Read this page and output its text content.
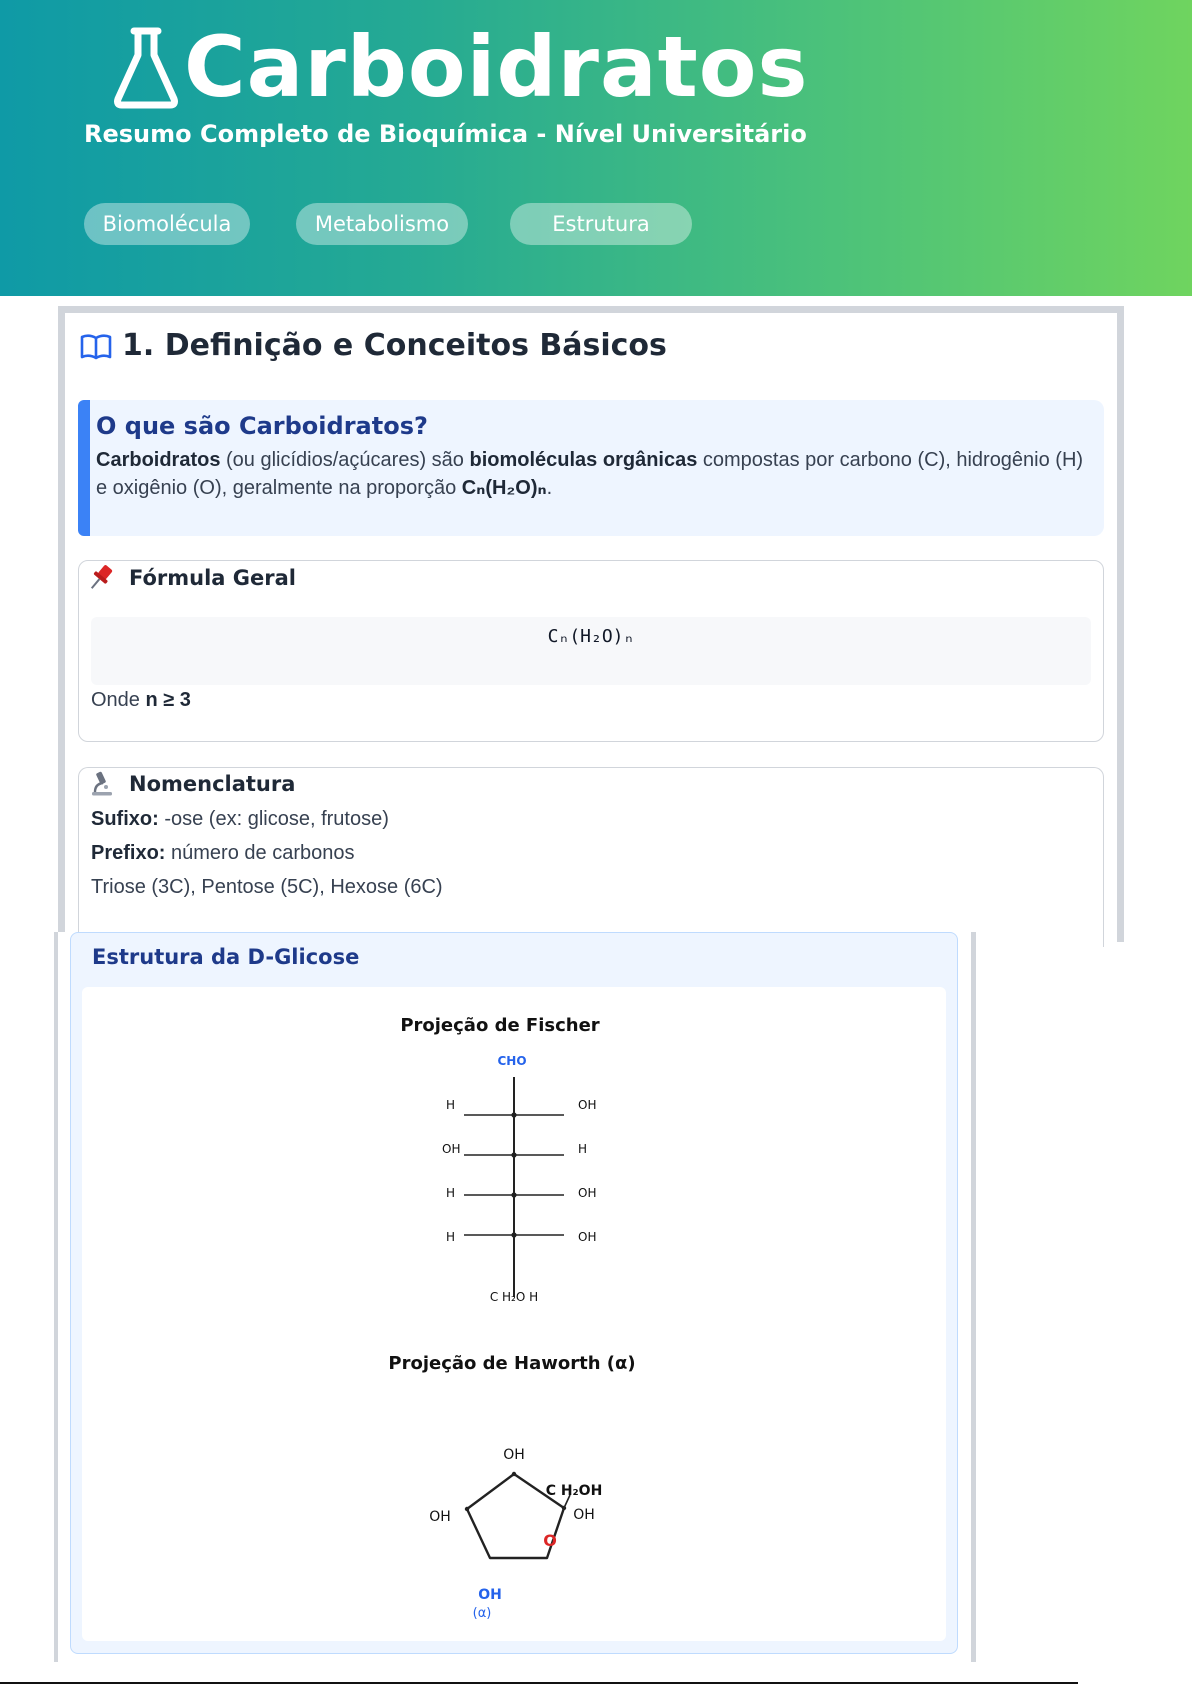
Carboidratos
Resumo Completo de Bioquímica - Nível Universitário
Biomolécula	Metabolismo	Estrutura
1. Definição e Conceitos Básicos
O que são Carboidratos?

Carboidratos (ou glicídios/açúcares) são biomoléculas orgânicas compostas por carbono (C), hidrogênio (H) e oxigênio (O), geralmente na proporção Cₙ(H₂O)ₙ.

Fórmula Geral
Cₙ(H₂O)ₙ
Onde n ≥ 3
Nomenclatura
Sufixo: -ose (ex: glicose, frutose)
Prefixo: número de carbonos
Triose (3C), Pentose (5C), Hexose (6C)
Estrutura da D-Glicose
Projeção de Fischer
CHO
H	OH
OH	H
H	OH
H	OH
C H₂O H
Projeção de Haworth (α)
OH
C H₂OH
OH
OH
O
OH
(α)
